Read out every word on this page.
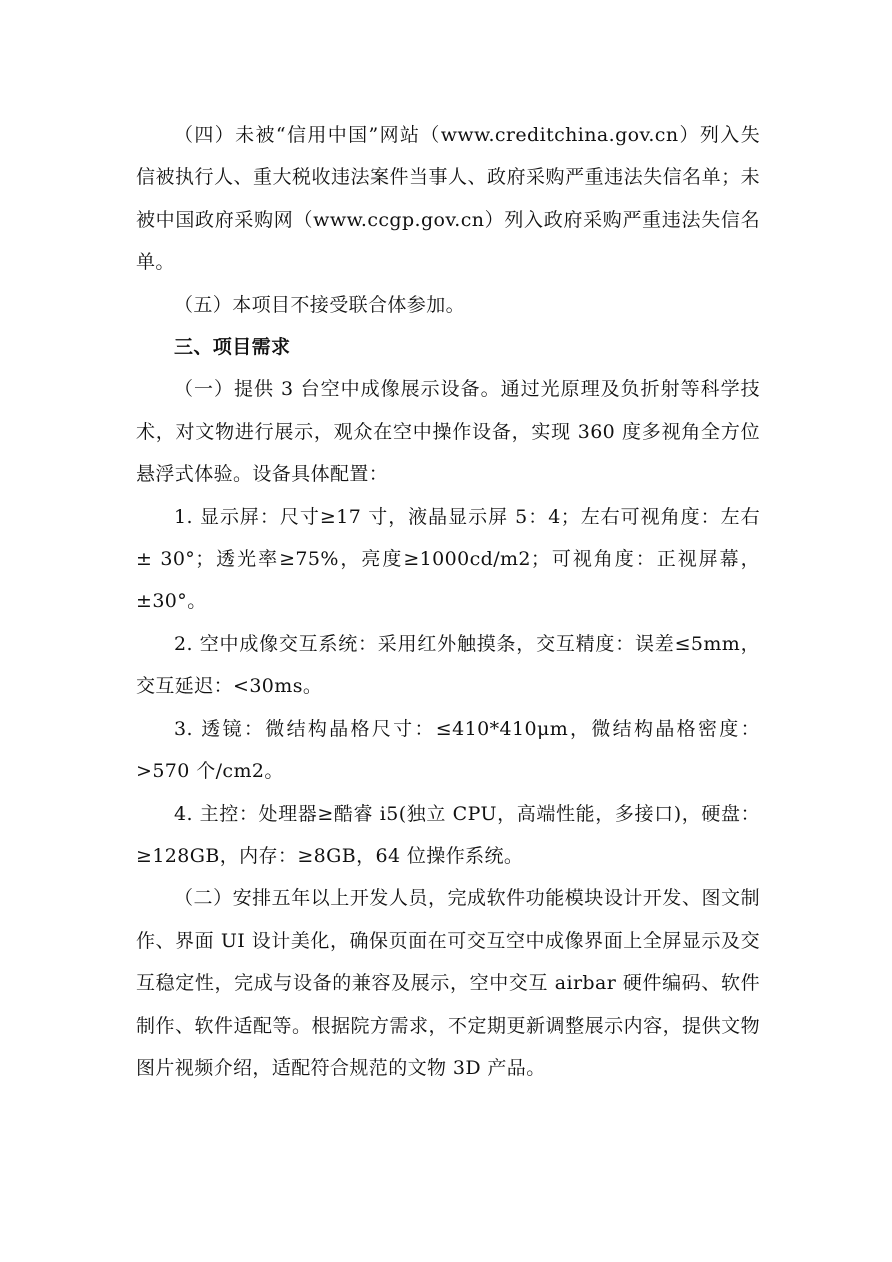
（四）未被“信用中国”网站（www.creditchina.gov.cn）列入失信被执行人、重大税收违法案件当事人、政府采购严重违法失信名单；未被中国政府采购网（www.ccgp.gov.cn）列入政府采购严重违法失信名单。

（五）本项目不接受联合体参加。

三、项目需求

（一）提供 3 台空中成像展示设备。通过光原理及负折射等科学技术，对文物进行展示，观众在空中操作设备，实现 360 度多视角全方位悬浮式体验。设备具体配置：

1. 显示屏：尺寸≥17 寸，液晶显示屏 5：4；左右可视角度：左右± 30°；透光率≥75%，亮度≥1000cd/m2；可视角度：正视屏幕，±30°。

2. 空中成像交互系统：采用红外触摸条，交互精度：误差≤5mm，交互延迟：<30ms。

3. 透镜：微结构晶格尺寸：≤410*410μm，微结构晶格密度：>570 个/cm2。

4. 主控：处理器≥酷睿 i5(独立 CPU，高端性能，多接口)，硬盘：≥128GB，内存：≥8GB，64 位操作系统。

（二）安排五年以上开发人员，完成软件功能模块设计开发、图文制作、界面 UI 设计美化，确保页面在可交互空中成像界面上全屏显示及交互稳定性，完成与设备的兼容及展示，空中交互 airbar 硬件编码、软件制作、软件适配等。根据院方需求，不定期更新调整展示内容，提供文物图片视频介绍，适配符合规范的文物 3D 产品。
